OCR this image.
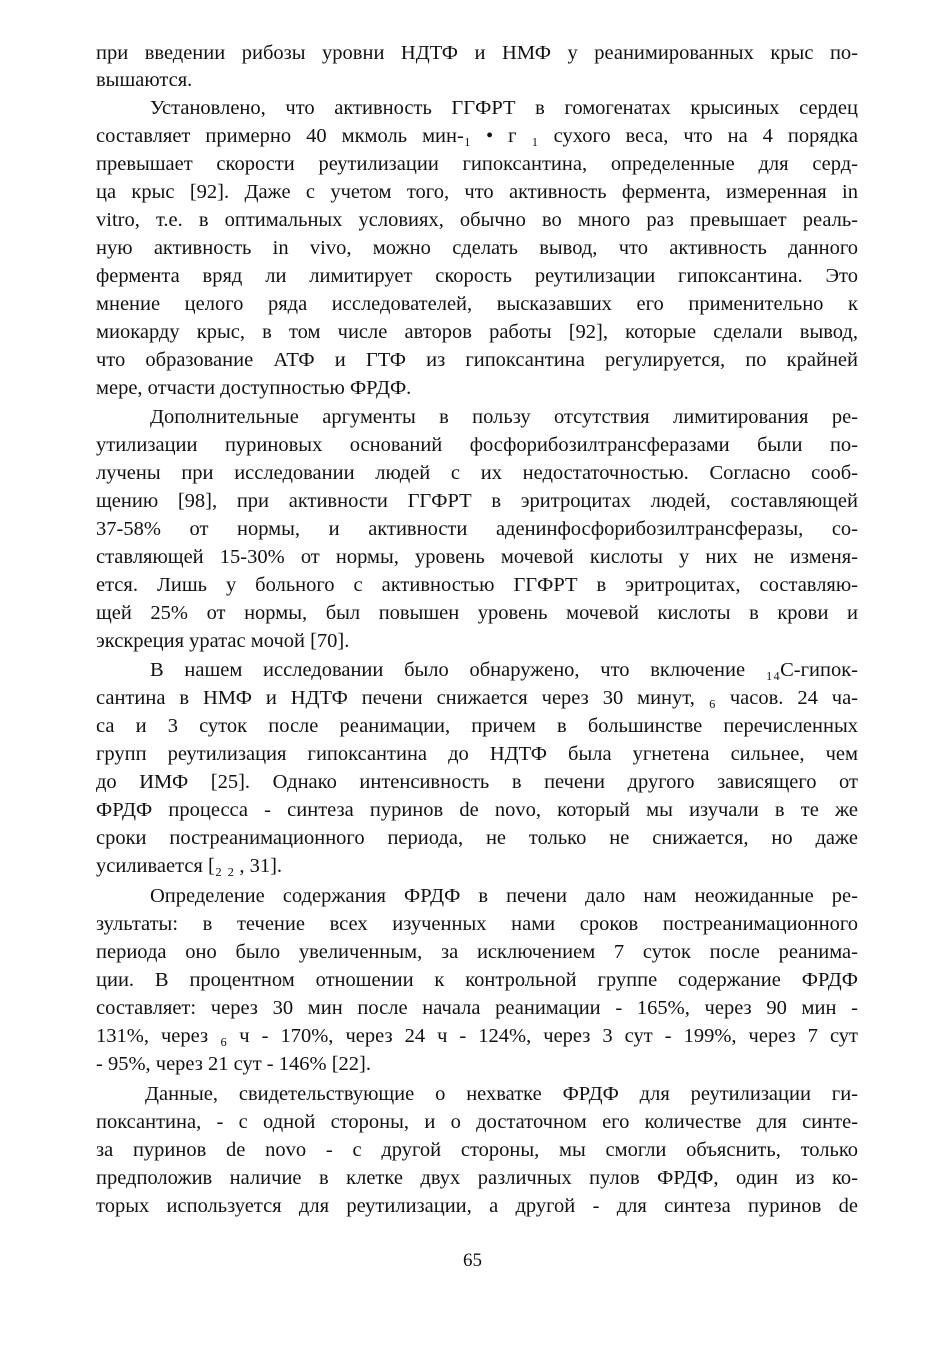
при введении рибозы уровни НДТФ и НМФ у реанимированных крыс по-
вышаются.
Установлено, что активность ГГФРТ в гомогенатах крысиных сердец
составляет примерно 40 мкмоль мин-₁ • г ₁ сухого веса, что на 4 порядка
превышает скорости реутилизации гипоксантина, определенные для серд-
ца крыс [92]. Даже с учетом того, что активность фермента, измеренная in
vitro, т.е. в оптимальных условиях, обычно во много раз превышает реаль-
ную активность in vivo, можно сделать вывод, что активность данного
фермента вряд ли лимитирует скорость реутилизации гипоксантина. Это
мнение целого ряда исследователей, высказавших его применительно к
миокарду крыс, в том числе авторов работы [92], которые сделали вывод,
что образование АТФ и ГТФ из гипоксантина регулируется, по крайней
мере, отчасти доступностью ФРДФ.
Дополнительные аргументы в пользу отсутствия лимитирования ре-
утилизации пуриновых оснований фосфорибозилтрансферазами были по-
лучены при исследовании людей с их недостаточностью. Согласно сооб-
щению [98], при активности ГГФРТ в эритроцитах людей, составляющей
37-58% от нормы, и активности аденинфосфорибозилтрансферазы, со-
ставляющей 15-30% от нормы, уровень мочевой кислоты у них не изменя-
ется. Лишь у больного с активностью ГГФРТ в эритроцитах, составляю-
щей 25% от нормы, был повышен уровень мочевой кислоты в крови и
экскреция уратас мочой [70].
В нашем исследовании было обнаружено, что включение ₁₄С-гипок-
сантина в НМФ и НДТФ печени снижается через 30 минут, ₆ часов. 24 ча-
са и 3 суток после реанимации, причем в большинстве перечисленных
групп реутилизация гипоксантина до НДТФ была угнетена сильнее, чем
до ИМФ [25]. Однако интенсивность в печени другого зависящего от
ФРДФ процесса - синтеза пуринов de novo, который мы изучали в те же
сроки постреанимационного периода, не только не снижается, но даже
усиливается [₂ ₂ , 31].
Определение содержания ФРДФ в печени дало нам неожиданные ре-
зультаты: в течение всех изученных нами сроков постреанимационного
периода оно было увеличенным, за исключением 7 суток после реанима-
ции. В процентном отношении к контрольной группе содержание ФРДФ
составляет: через 30 мин после начала реанимации - 165%, через 90 мин -
131%, через ₆ ч - 170%, через 24 ч - 124%, через 3 сут - 199%, через 7 сут
- 95%, через 21 сут - 146% [22].
Данные, свидетельствующие о нехватке ФРДФ для реутилизации ги-
поксантина, - с одной стороны, и о достаточном его количестве для синте-
за пуринов de novo - с другой стороны, мы смогли объяснить, только
предположив наличие в клетке двух различных пулов ФРДФ, один из ко-
торых используется для реутилизации, а другой - для синтеза пуринов de
65
